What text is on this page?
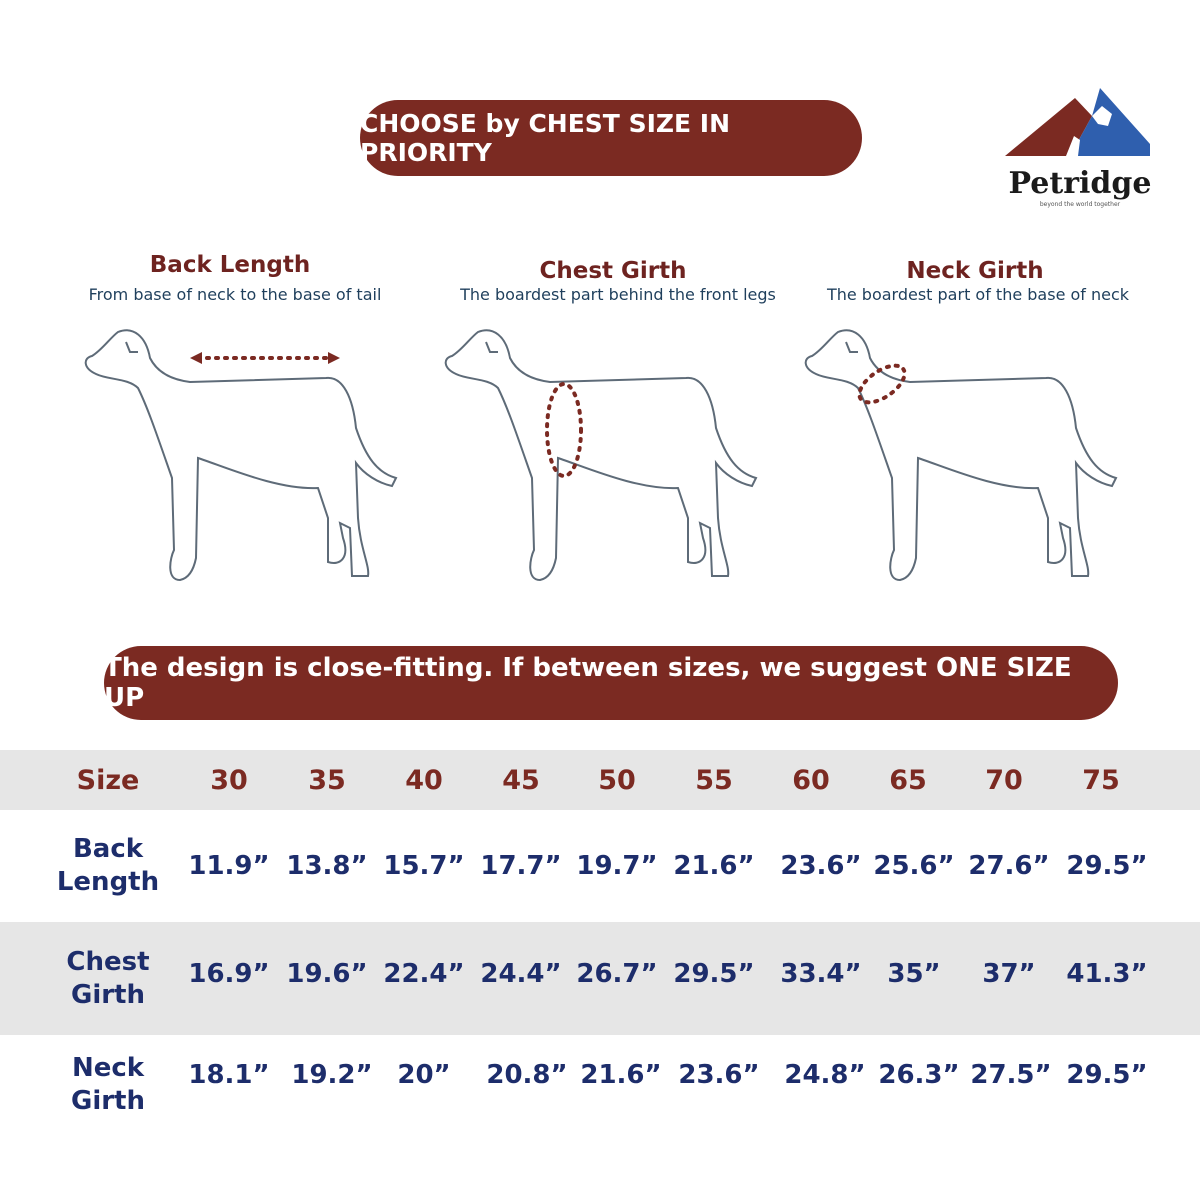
CHOOSE by CHEST SIZE IN PRIORITY
Petridge
beyond the world together
Back Length
From base of neck to the base of tail
Chest Girth
The boardest part behind the front legs
Neck Girth
The boardest part of the base of neck
The design is close-fitting. If between sizes, we suggest ONE SIZE UP
Size	30	35	40	45	50	55	60	65	70	75
Back
Length
11.9” 13.8” 15.7” 17.7” 19.7” 21.6” 23.6” 25.6” 27.6” 29.5”
Chest
Girth
16.9” 19.6” 22.4” 24.4” 26.7” 29.5” 33.4” 35”	37”	41.3”
Neck
Girth
18.1” 19.2” 20”	20.8” 21.6” 23.6” 24.8” 26.3” 27.5” 29.5”
